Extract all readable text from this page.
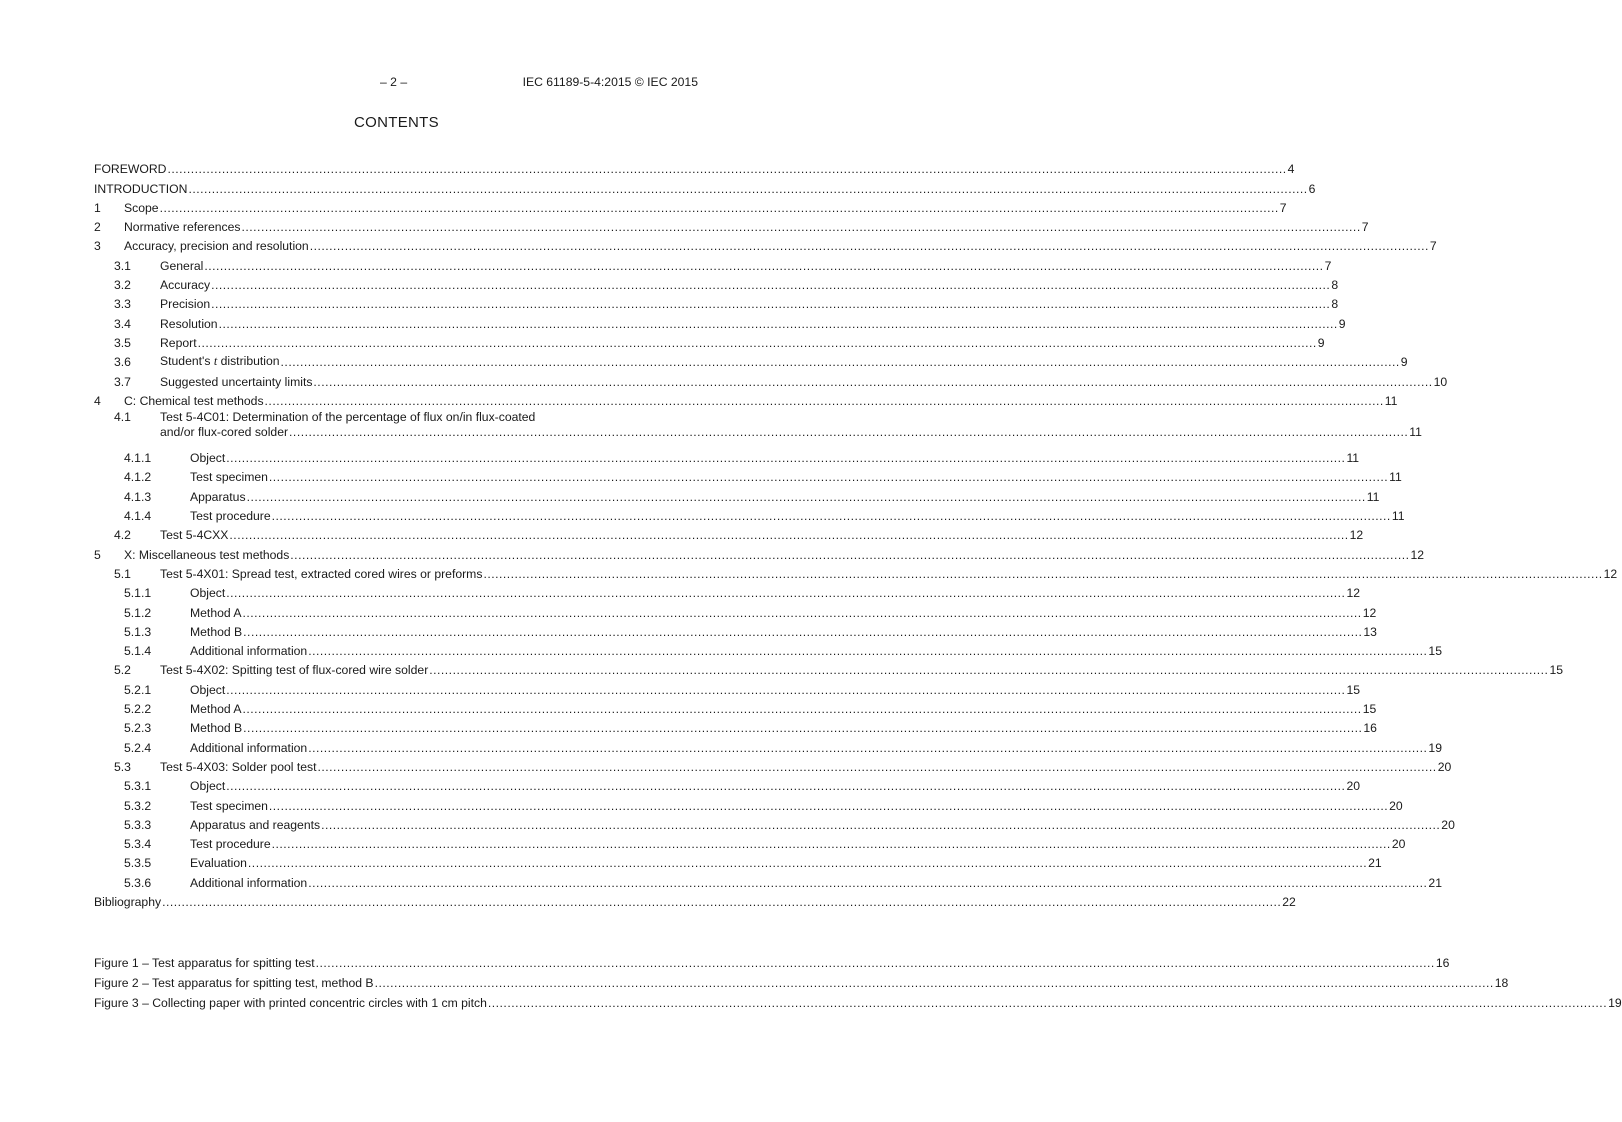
– 2 –	IEC 61189-5-4:2015 © IEC 2015
CONTENTS
FOREWORD .....	4
INTRODUCTION .....	6
1	Scope .....	7
2	Normative references .....	7
3	Accuracy, precision and resolution .....	7
3.1	General .....	7
3.2	Accuracy .....	8
3.3	Precision .....	8
3.4	Resolution .....	9
3.5	Report .....	9
3.6	Student's t distribution .....	9
3.7	Suggested uncertainty limits .....	10
4	C: Chemical test methods .....	11
4.1	Test 5-4C01: Determination of the percentage of flux on/in flux-coated
and/or flux-cored solder .....	11
4.1.1	Object .....	11
4.1.2	Test specimen .....	11
4.1.3	Apparatus .....	11
4.1.4	Test procedure .....	11
4.2	Test 5-4CXX .....	12
5	X: Miscellaneous test methods .....	12
5.1	Test 5-4X01: Spread test, extracted cored wires or preforms .....	12
5.1.1	Object .....	12
5.1.2	Method A .....	12
5.1.3	Method B .....	13
5.1.4	Additional information .....	15
5.2	Test 5-4X02: Spitting test of flux-cored wire solder .....	15
5.2.1	Object .....	15
5.2.2	Method A .....	15
5.2.3	Method B .....	16
5.2.4	Additional information .....	19
5.3	Test 5-4X03: Solder pool test .....	20
5.3.1	Object .....	20
5.3.2	Test specimen .....	20
5.3.3	Apparatus and reagents .....	20
5.3.4	Test procedure .....	20
5.3.5	Evaluation .....	21
5.3.6	Additional information .....	21
Bibliography .....	22
Figure 1 – Test apparatus for spitting test .....	16
Figure 2 – Test apparatus for spitting test, method B .....	18
Figure 3 – Collecting paper with printed concentric circles with 1 cm pitch .....	19
